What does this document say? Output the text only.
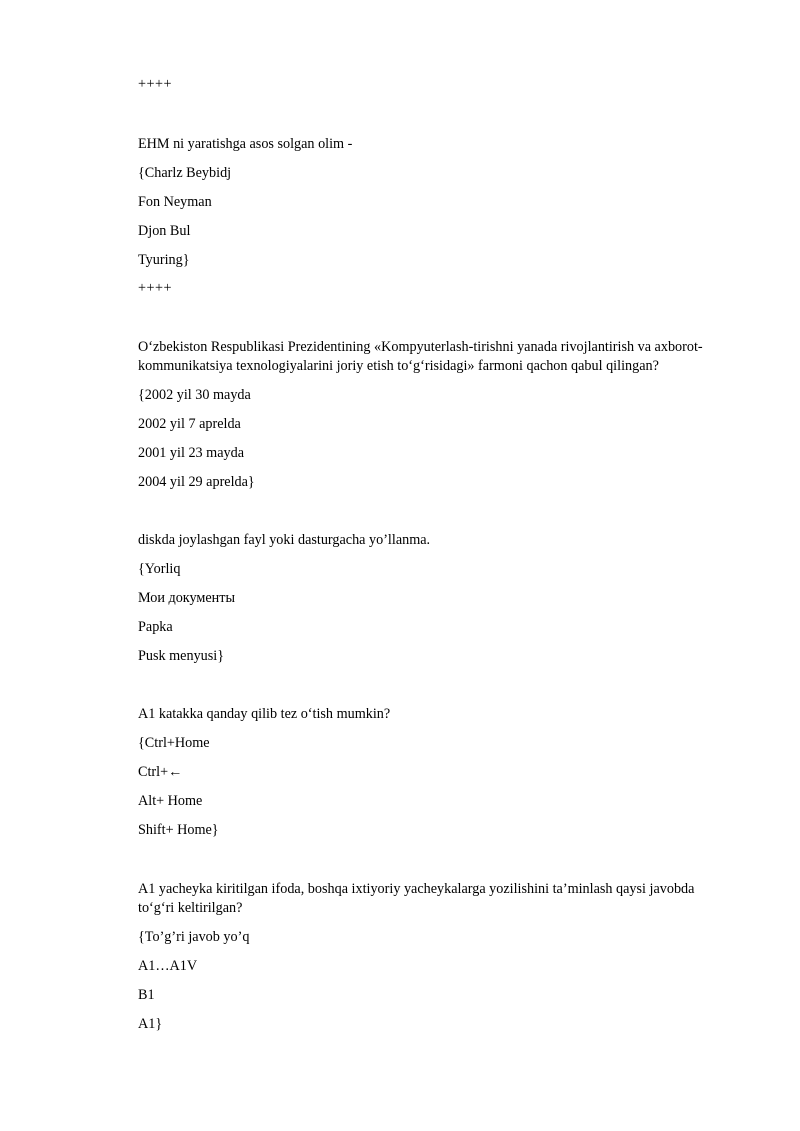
++++
EHM ni yaratishga asos solgan olim -
{Charlz Beybidj
Fon Neyman
Djon Bul
Tyuring}
++++
O‘zbekiston Respublikasi Prezidentining «Kompyuterlash-tirishni yanada rivojlantirish va axborot-
kommunikatsiya texnologiyalarini joriy etish to‘g‘risidagi» farmoni qachon qabul qilingan?
{2002 yil 30 mayda
2002 yil 7 aprelda
2001 yil 23 mayda
2004 yil 29 aprelda}
diskda joylashgan fayl yoki dasturgacha yo’llanma.
{Yorliq
Мои документы
Papka
Pusk menyusi}
A1 katakka qanday qilib tez o‘tish mumkin?
{Ctrl+Home
Ctrl+←
Alt+ Home
Shift+ Home}
A1 yacheyka kiritilgan ifoda, boshqa ixtiyoriy yacheykalarga yozilishini ta’minlash qaysi javobda
to‘g‘ri keltirilgan?
{To’g’ri javob yo’q
A1…A1V
B1
A1}
